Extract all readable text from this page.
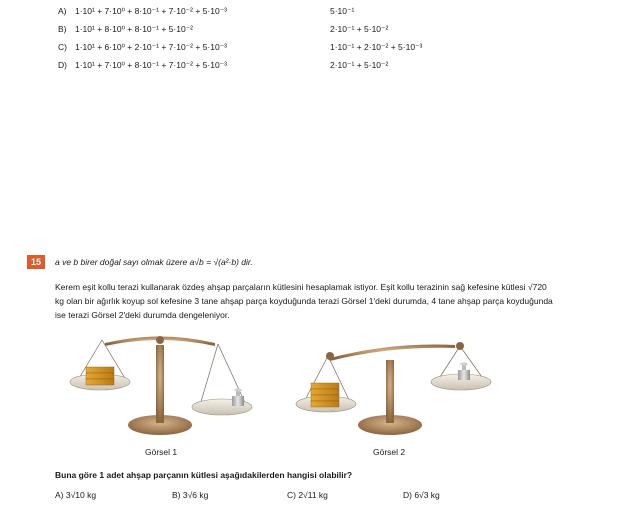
A)	1·10¹ + 7·10⁰ + 8·10⁻¹ + 7·10⁻² + 5·10⁻³	5·10⁻¹
B)	1·10¹ + 8·10⁰ + 8·10⁻¹ + 5·10⁻²	2·10⁻¹ + 5·10⁻²
C) 1·10¹ + 6·10⁰ + 2·10⁻¹ + 7·10⁻² + 5·10⁻³	1·10⁻¹ + 2·10⁻² + 5·10⁻³
D) 1·10¹ + 7·10⁰ + 8·10⁻¹ + 7·10⁻² + 5·10⁻³	2·10⁻¹ + 5·10⁻²
15	a ve b birer doğal sayı olmak üzere a√b = √(a²·b) dir.
Kerem eşit kollu terazi kullanarak özdeş ahşap parçaların kütlesini hesaplamak istiyor. Eşit kollu terazinin sağ kefesine kütlesi √720 kg olan bir ağırlık koyup sol kefesine 3 tane ahşap parça koyduğunda terazi Görsel 1'deki durumda, 4 tane ahşap parça koyduğunda ise terazi Görsel 2'deki durumda dengeleniyor.
Görsel 1	Görsel 2
Buna göre 1 adet ahşap parçanın kütlesi aşağıdakilerden hangisi olabilir?
A) 3√10 kg	B) 3√6 kg	C) 2√11 kg	D) 6√3 kg
